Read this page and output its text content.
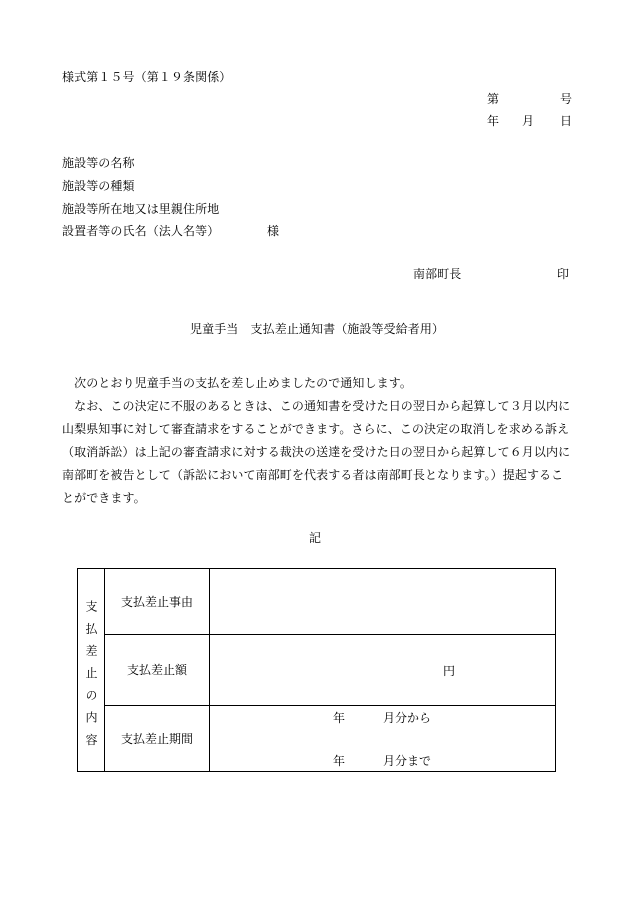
様式第１５号（第１９条関係）
第	号
年 月 日
施設等の名称
施設等の種類
施設等所在地又は里親住所地
設置者等の氏名（法人名等）	様
南部町長	印
児童手当　支払差止通知書（施設等受給者用）
　次のとおり児童手当の支払を差し止めましたので通知します。
　なお、この決定に不服のあるときは、この通知書を受けた日の翌日から起算して３月以内に
山梨県知事に対して審査請求をすることができます。さらに、この決定の取消しを求める訴え
（取消訴訟）は上記の審査請求に対する裁決の送達を受けた日の翌日から起算して６月以内に
南部町を被告として（訴訟において南部町を代表する者は南部町長となります。）提起するこ
とができます。
記
支払差止の内容	支払差止事由	

	支払差止額	円

	支払差止期間	年 月分から
年 月分まで
